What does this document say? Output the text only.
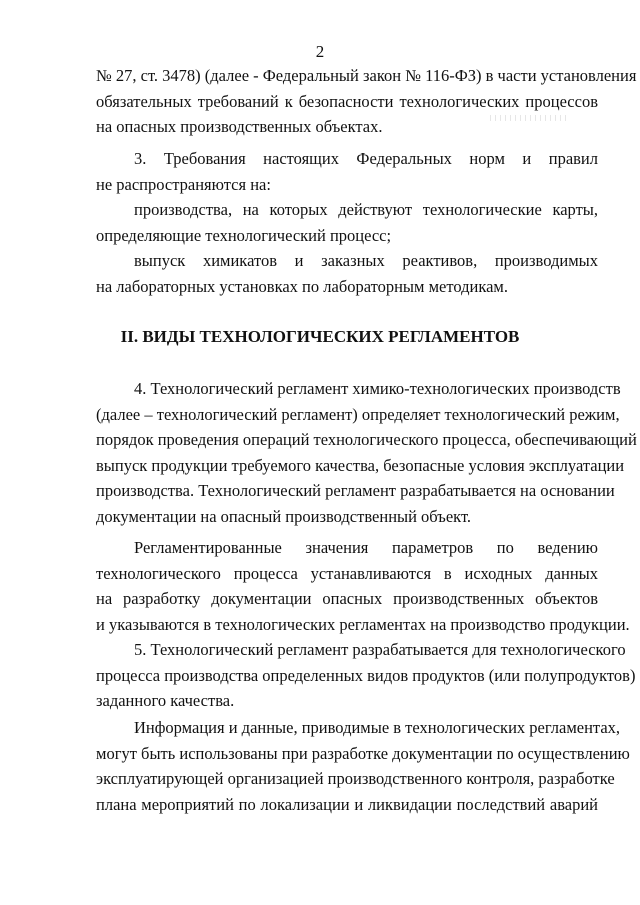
2
№ 27, ст. 3478) (далее - Федеральный закон № 116-ФЗ) в части установления
обязательных требований к безопасности технологических процессов
на опасных производственных объектах.
3. Требования настоящих Федеральных норм и правил
не распространяются на:
производства, на которых действуют технологические карты,
определяющие технологический процесс;
выпуск химикатов и заказных реактивов, производимых
на лабораторных установках по лабораторным методикам.
II. ВИДЫ ТЕХНОЛОГИЧЕСКИХ РЕГЛАМЕНТОВ
4. Технологический регламент химико-технологических производств
(далее – технологический регламент) определяет технологический режим,
порядок проведения операций технологического процесса, обеспечивающий
выпуск продукции требуемого качества, безопасные условия эксплуатации
производства. Технологический регламент разрабатывается на основании
документации на опасный производственный объект.
Регламентированные значения параметров по ведению
технологического процесса устанавливаются в исходных данных
на разработку документации опасных производственных объектов
и указываются в технологических регламентах на производство продукции.
5. Технологический регламент разрабатывается для технологического
процесса производства определенных видов продуктов (или полупродуктов)
заданного качества.
Информация и данные, приводимые в технологических регламентах,
могут быть использованы при разработке документации по осуществлению
эксплуатирующей организацией производственного контроля, разработке
плана мероприятий по локализации и ликвидации последствий аварий
